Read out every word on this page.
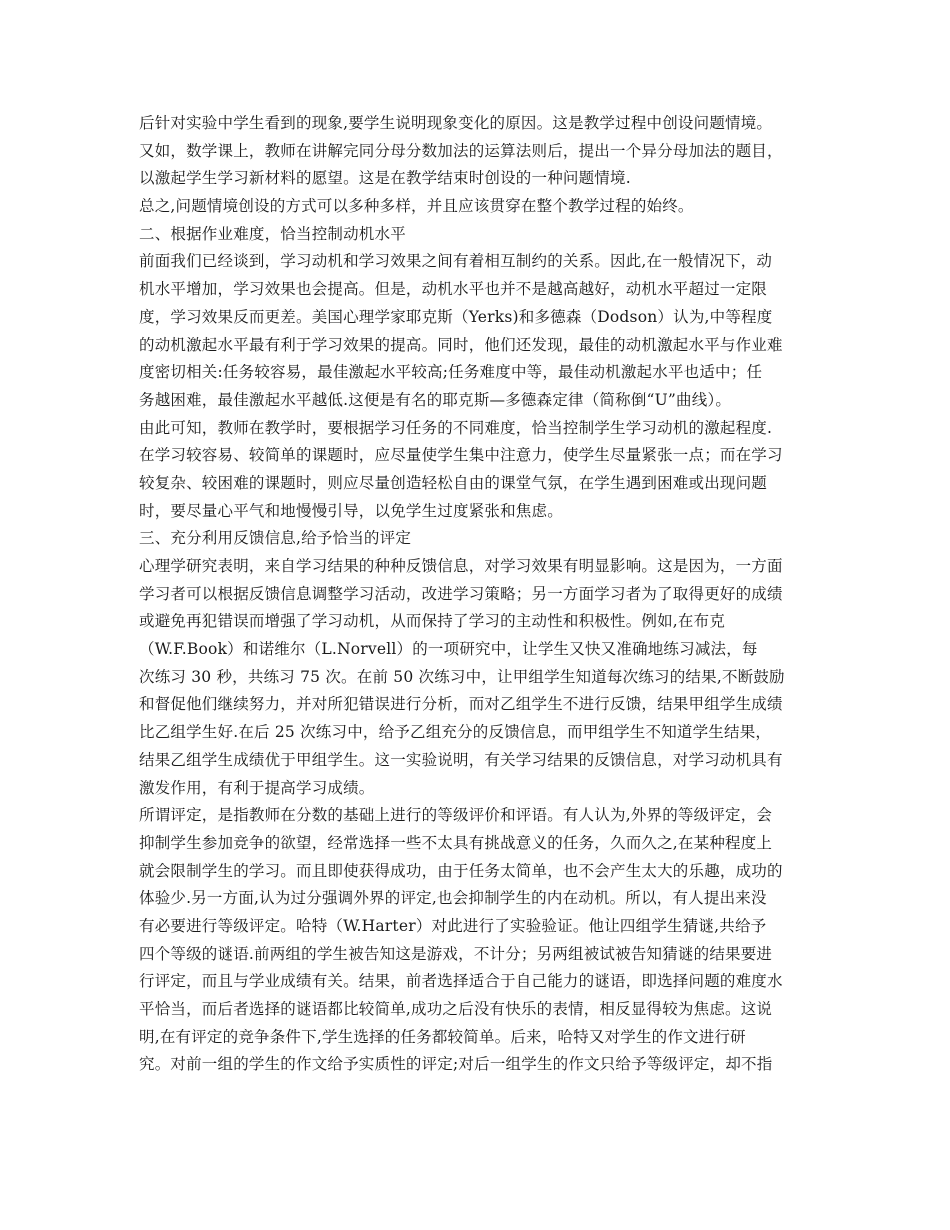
后针对实验中学生看到的现象,要学生说明现象变化的原因。这是教学过程中创设问题情境。
又如，数学课上，教师在讲解完同分母分数加法的运算法则后，提出一个异分母加法的题目，
以激起学生学习新材料的愿望。这是在教学结束时创设的一种问题情境.
总之,问题情境创设的方式可以多种多样，并且应该贯穿在整个教学过程的始终。
二、根据作业难度，恰当控制动机水平
前面我们已经谈到，学习动机和学习效果之间有着相互制约的关系。因此,在一般情况下，动
机水平增加，学习效果也会提高。但是，动机水平也并不是越高越好，动机水平超过一定限
度，学习效果反而更差。美国心理学家耶克斯（Yerks)和多德森（Dodson）认为,中等程度
的动机激起水平最有利于学习效果的提高。同时，他们还发现，最佳的动机激起水平与作业难
度密切相关:任务较容易，最佳激起水平较高;任务难度中等，最佳动机激起水平也适中；任
务越困难，最佳激起水平越低.这便是有名的耶克斯—多德森定律（简称倒“U”曲线）。
由此可知，教师在教学时，要根据学习任务的不同难度，恰当控制学生学习动机的激起程度.
在学习较容易、较简单的课题时，应尽量使学生集中注意力，使学生尽量紧张一点；而在学习
较复杂、较困难的课题时，则应尽量创造轻松自由的课堂气氛，在学生遇到困难或出现问题
时，要尽量心平气和地慢慢引导，以免学生过度紧张和焦虑。
三、充分利用反馈信息,给予恰当的评定
心理学研究表明，来自学习结果的种种反馈信息，对学习效果有明显影响。这是因为，一方面
学习者可以根据反馈信息调整学习活动，改进学习策略；另一方面学习者为了取得更好的成绩
或避免再犯错误而增强了学习动机，从而保持了学习的主动性和积极性。例如,在布克
（W.F.Book）和诺维尔（L.Norvell）的一项研究中，让学生又快又准确地练习减法，每
次练习 30 秒，共练习 75 次。在前 50 次练习中，让甲组学生知道每次练习的结果,不断鼓励
和督促他们继续努力，并对所犯错误进行分析，而对乙组学生不进行反馈，结果甲组学生成绩
比乙组学生好.在后 25 次练习中，给予乙组充分的反馈信息，而甲组学生不知道学生结果，
结果乙组学生成绩优于甲组学生。这一实验说明，有关学习结果的反馈信息，对学习动机具有
激发作用，有利于提高学习成绩。
所谓评定，是指教师在分数的基础上进行的等级评价和评语。有人认为,外界的等级评定，会
抑制学生参加竞争的欲望，经常选择一些不太具有挑战意义的任务，久而久之,在某种程度上
就会限制学生的学习。而且即使获得成功，由于任务太简单，也不会产生太大的乐趣，成功的
体验少.另一方面,认为过分强调外界的评定,也会抑制学生的内在动机。所以，有人提出来没
有必要进行等级评定。哈特（W.Harter）对此进行了实验验证。他让四组学生猜谜,共给予
四个等级的谜语.前两组的学生被告知这是游戏，不计分；另两组被试被告知猜谜的结果要进
行评定，而且与学业成绩有关。结果，前者选择适合于自己能力的谜语，即选择问题的难度水
平恰当，而后者选择的谜语都比较简单,成功之后没有快乐的表情，相反显得较为焦虑。这说
明,在有评定的竞争条件下,学生选择的任务都较简单。后来，哈特又对学生的作文进行研
究。对前一组的学生的作文给予实质性的评定;对后一组学生的作文只给予等级评定，却不指
